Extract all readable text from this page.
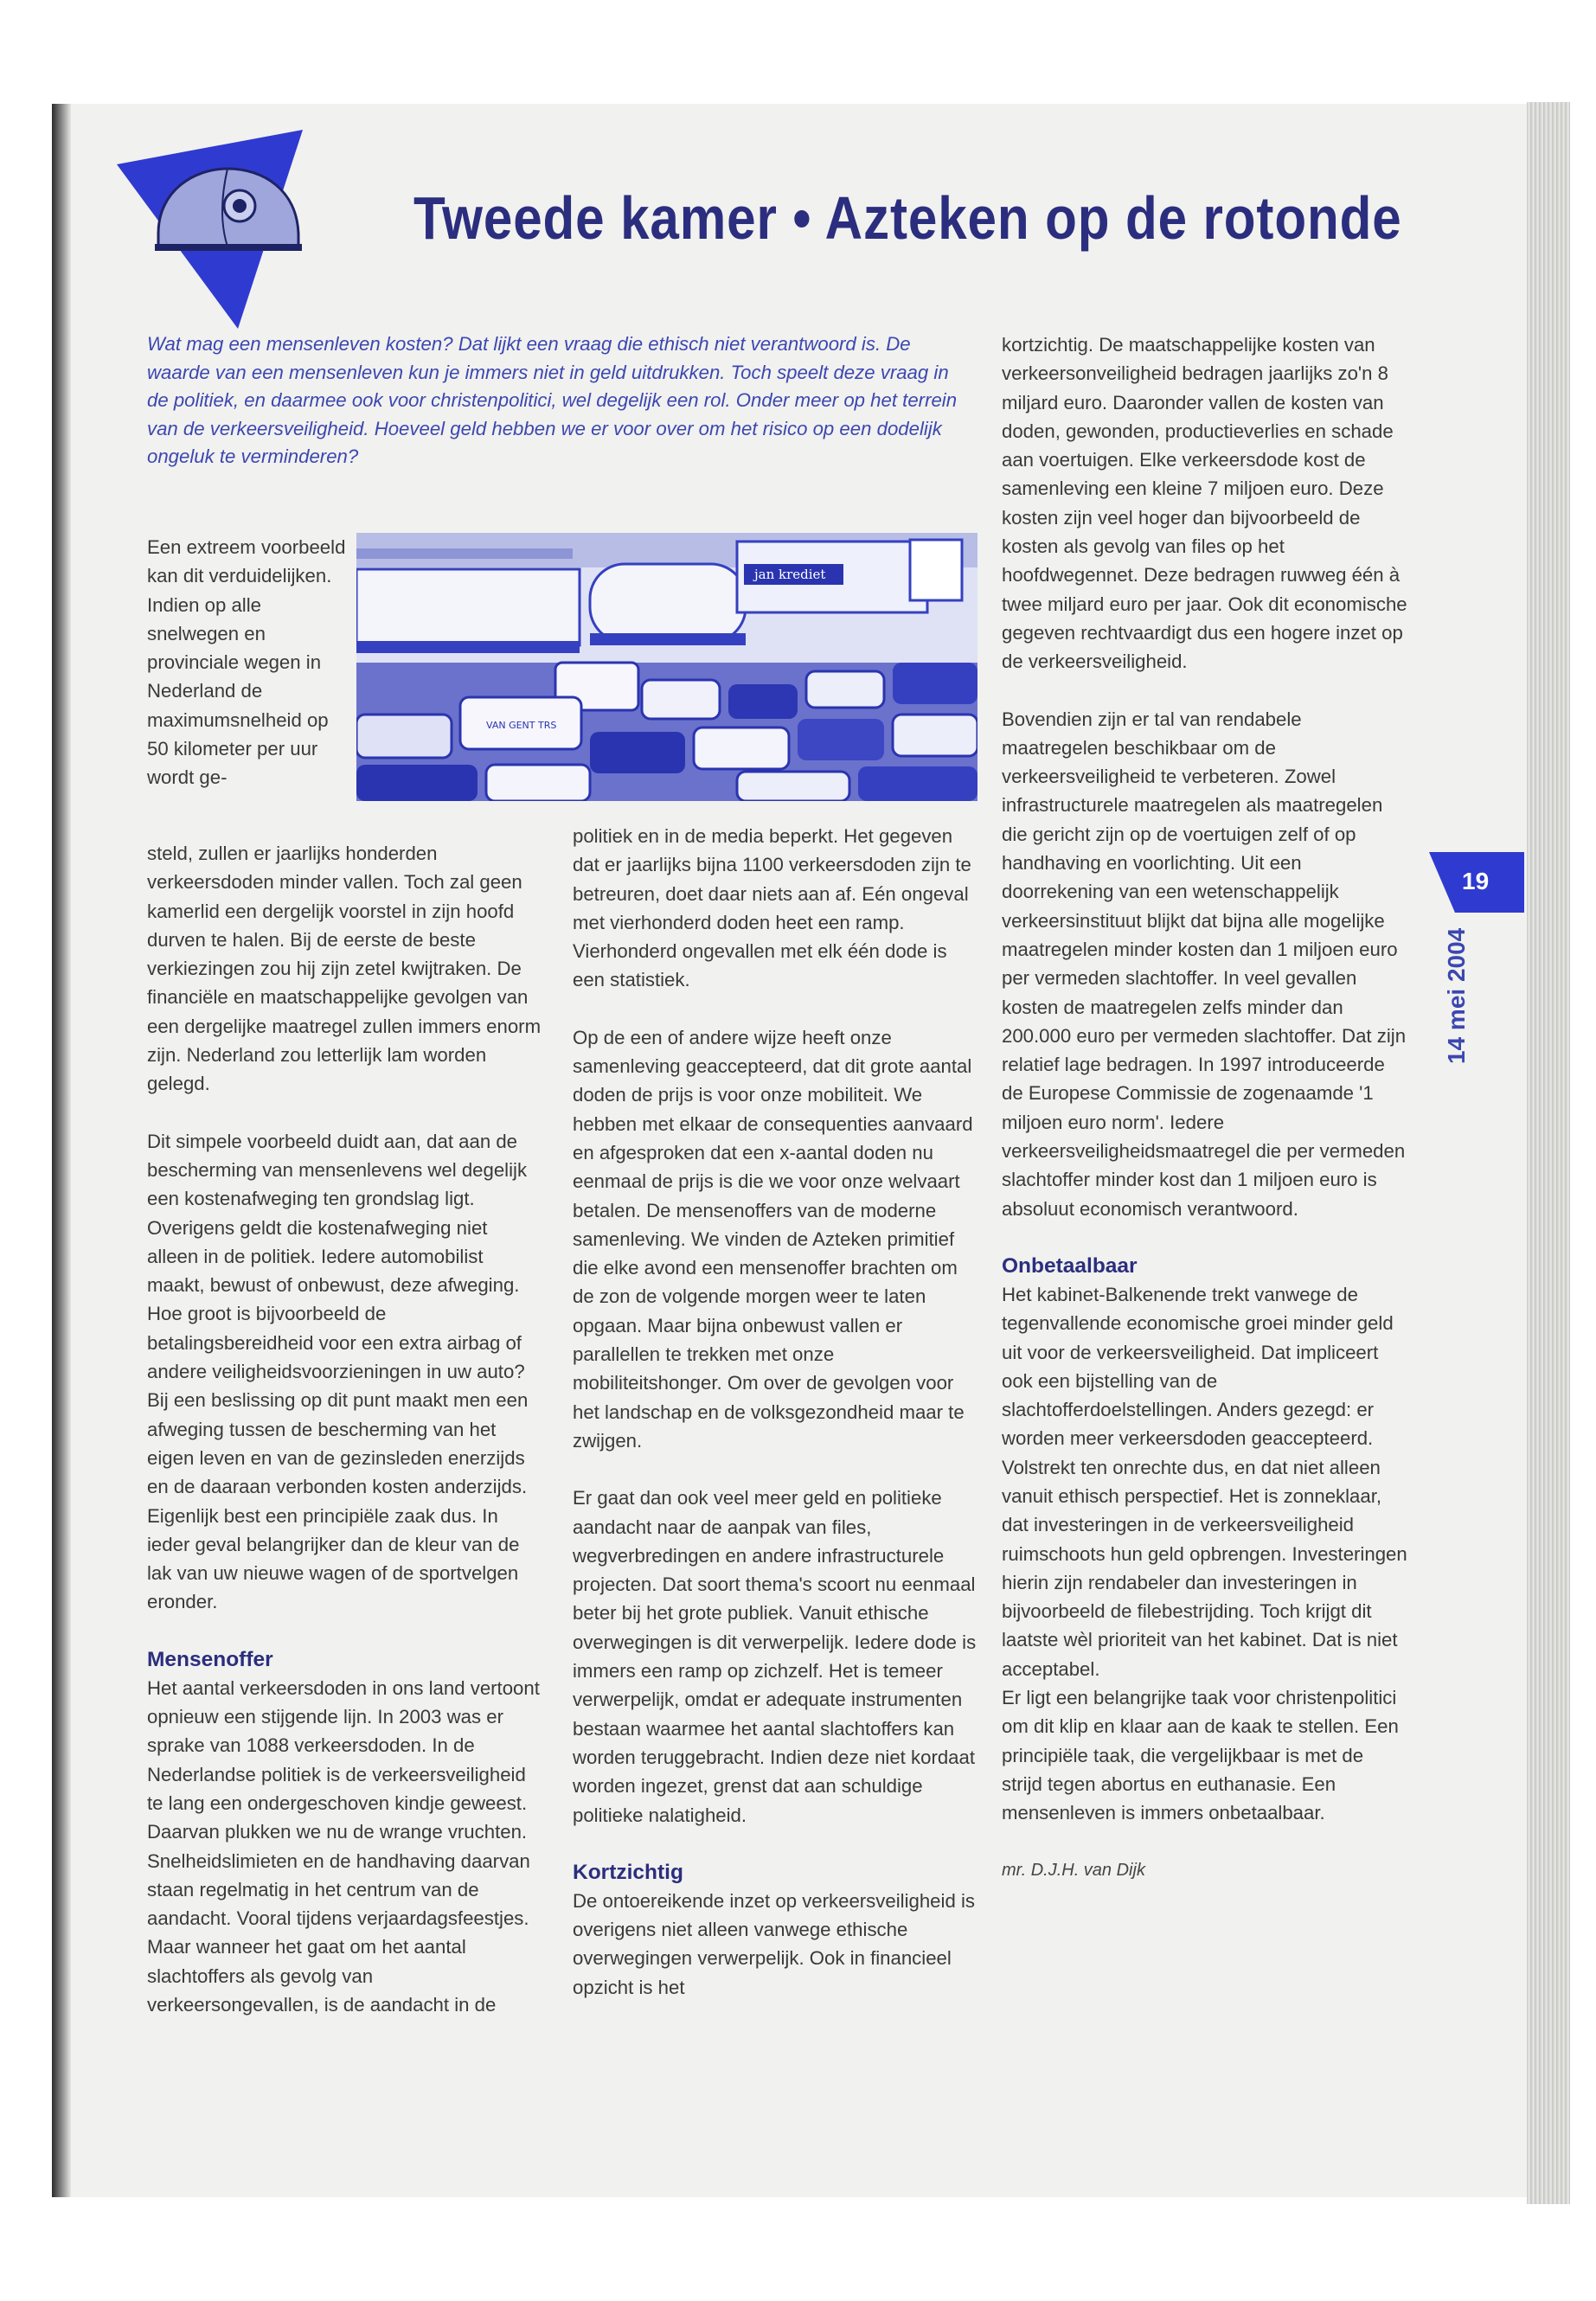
Tweede kamer • Azteken op de rotonde

Wat mag een mensenleven kosten? Dat lijkt een vraag die ethisch niet verantwoord is. De waarde van een mensenleven kun je immers niet in geld uitdrukken. Toch speelt deze vraag in de politiek, en daarmee ook voor christenpolitici, wel degelijk een rol. Onder meer op het terrein van de verkeersveiligheid. Hoeveel geld hebben we er voor over om het risico op een dodelijk ongeluk te verminderen?

Een extreem voorbeeld kan dit verduidelijken. Indien op alle snelwegen en provinciale wegen in Nederland de maximumsnelheid op 50 kilometer per uur wordt ge-

jan krediet
VAN GENT TRS

steld, zullen er jaarlijks honderden verkeersdoden minder vallen. Toch zal geen kamerlid een dergelijk voorstel in zijn hoofd durven te halen. Bij de eerste de beste verkiezingen zou hij zijn zetel kwijtraken. De financiële en maatschappelijke gevolgen van een dergelijke maatregel zullen immers enorm zijn. Nederland zou letterlijk lam worden gelegd.

Dit simpele voorbeeld duidt aan, dat aan de bescherming van mensenlevens wel degelijk een kostenafweging ten grondslag ligt. Overigens geldt die kostenafweging niet alleen in de politiek. Iedere automobilist maakt, bewust of onbewust, deze afweging. Hoe groot is bijvoorbeeld de betalingsbereidheid voor een extra airbag of andere veiligheidsvoorzieningen in uw auto? Bij een beslissing op dit punt maakt men een afweging tussen de bescherming van het eigen leven en van de gezinsleden enerzijds en de daaraan verbonden kosten anderzijds. Eigenlijk best een principiële zaak dus. In ieder geval belangrijker dan de kleur van de lak van uw nieuwe wagen of de sportvelgen eronder.

Mensenoffer

Het aantal verkeersdoden in ons land vertoont opnieuw een stijgende lijn. In 2003 was er sprake van 1088 verkeersdoden. In de Nederlandse politiek is de verkeersveiligheid te lang een ondergeschoven kindje geweest. Daarvan plukken we nu de wrange vruchten. Snelheidslimieten en de handhaving daarvan staan regelmatig in het centrum van de aandacht. Vooral tijdens verjaardagsfeestjes. Maar wanneer het gaat om het aantal slachtoffers als gevolg van verkeersongevallen, is de aandacht in de

politiek en in de media beperkt. Het gegeven dat er jaarlijks bijna 1100 verkeersdoden zijn te betreuren, doet daar niets aan af. Eén ongeval met vierhonderd doden heet een ramp. Vierhonderd ongevallen met elk één dode is een statistiek.

Op de een of andere wijze heeft onze samenleving geaccepteerd, dat dit grote aantal doden de prijs is voor onze mobiliteit. We hebben met elkaar de consequenties aanvaard en afgesproken dat een x-aantal doden nu eenmaal de prijs is die we voor onze welvaart betalen. De mensenoffers van de moderne samenleving. We vinden de Azteken primitief die elke avond een mensenoffer brachten om de zon de volgende morgen weer te laten opgaan. Maar bijna onbewust vallen er parallellen te trekken met onze mobiliteitshonger. Om over de gevolgen voor het landschap en de volksgezondheid maar te zwijgen.

Er gaat dan ook veel meer geld en politieke aandacht naar de aanpak van files, wegverbredingen en andere infrastructurele projecten. Dat soort thema's scoort nu eenmaal beter bij het grote publiek. Vanuit ethische overwegingen is dit verwerpelijk. Iedere dode is immers een ramp op zichzelf. Het is temeer verwerpelijk, omdat er adequate instrumenten bestaan waarmee het aantal slachtoffers kan worden teruggebracht. Indien deze niet kordaat worden ingezet, grenst dat aan schuldige politieke nalatigheid.

Kortzichtig

De ontoereikende inzet op verkeersveiligheid is overigens niet alleen vanwege ethische overwegingen verwerpelijk. Ook in financieel opzicht is het

kortzichtig. De maatschappelijke kosten van verkeersonveiligheid bedragen jaarlijks zo'n 8 miljard euro. Daaronder vallen de kosten van doden, gewonden, productieverlies en schade aan voertuigen. Elke verkeersdode kost de samenleving een kleine 7 miljoen euro. Deze kosten zijn veel hoger dan bijvoorbeeld de kosten als gevolg van files op het hoofdwegennet. Deze bedragen ruwweg één à twee miljard euro per jaar. Ook dit economische gegeven rechtvaardigt dus een hogere inzet op de verkeersveiligheid.

Bovendien zijn er tal van rendabele maatregelen beschikbaar om de verkeersveiligheid te verbeteren. Zowel infrastructurele maatregelen als maatregelen die gericht zijn op de voertuigen zelf of op handhaving en voorlichting. Uit een doorrekening van een wetenschappelijk verkeersinstituut blijkt dat bijna alle mogelijke maatregelen minder kosten dan 1 miljoen euro per vermeden slachtoffer. In veel gevallen kosten de maatregelen zelfs minder dan 200.000 euro per vermeden slachtoffer. Dat zijn relatief lage bedragen. In 1997 introduceerde de Europese Commissie de zogenaamde '1 miljoen euro norm'. Iedere verkeersveiligheidsmaatregel die per vermeden slachtoffer minder kost dan 1 miljoen euro is absoluut economisch verantwoord.

Onbetaalbaar

Het kabinet-Balkenende trekt vanwege de tegenvallende economische groei minder geld uit voor de verkeersveiligheid. Dat impliceert ook een bijstelling van de slachtofferdoelstellingen. Anders gezegd: er worden meer verkeersdoden geaccepteerd. Volstrekt ten onrechte dus, en dat niet alleen vanuit ethisch perspectief. Het is zonneklaar, dat investeringen in de verkeersveiligheid ruimschoots hun geld opbrengen. Investeringen hierin zijn rendabeler dan investeringen in bijvoorbeeld de filebestrijding. Toch krijgt dit laatste wèl prioriteit van het kabinet. Dat is niet acceptabel.

Er ligt een belangrijke taak voor christenpolitici om dit klip en klaar aan de kaak te stellen. Een principiële taak, die vergelijkbaar is met de strijd tegen abortus en euthanasie. Een mensenleven is immers onbetaalbaar.

mr. D.J.H. van Dijk

19

14 mei 2004
